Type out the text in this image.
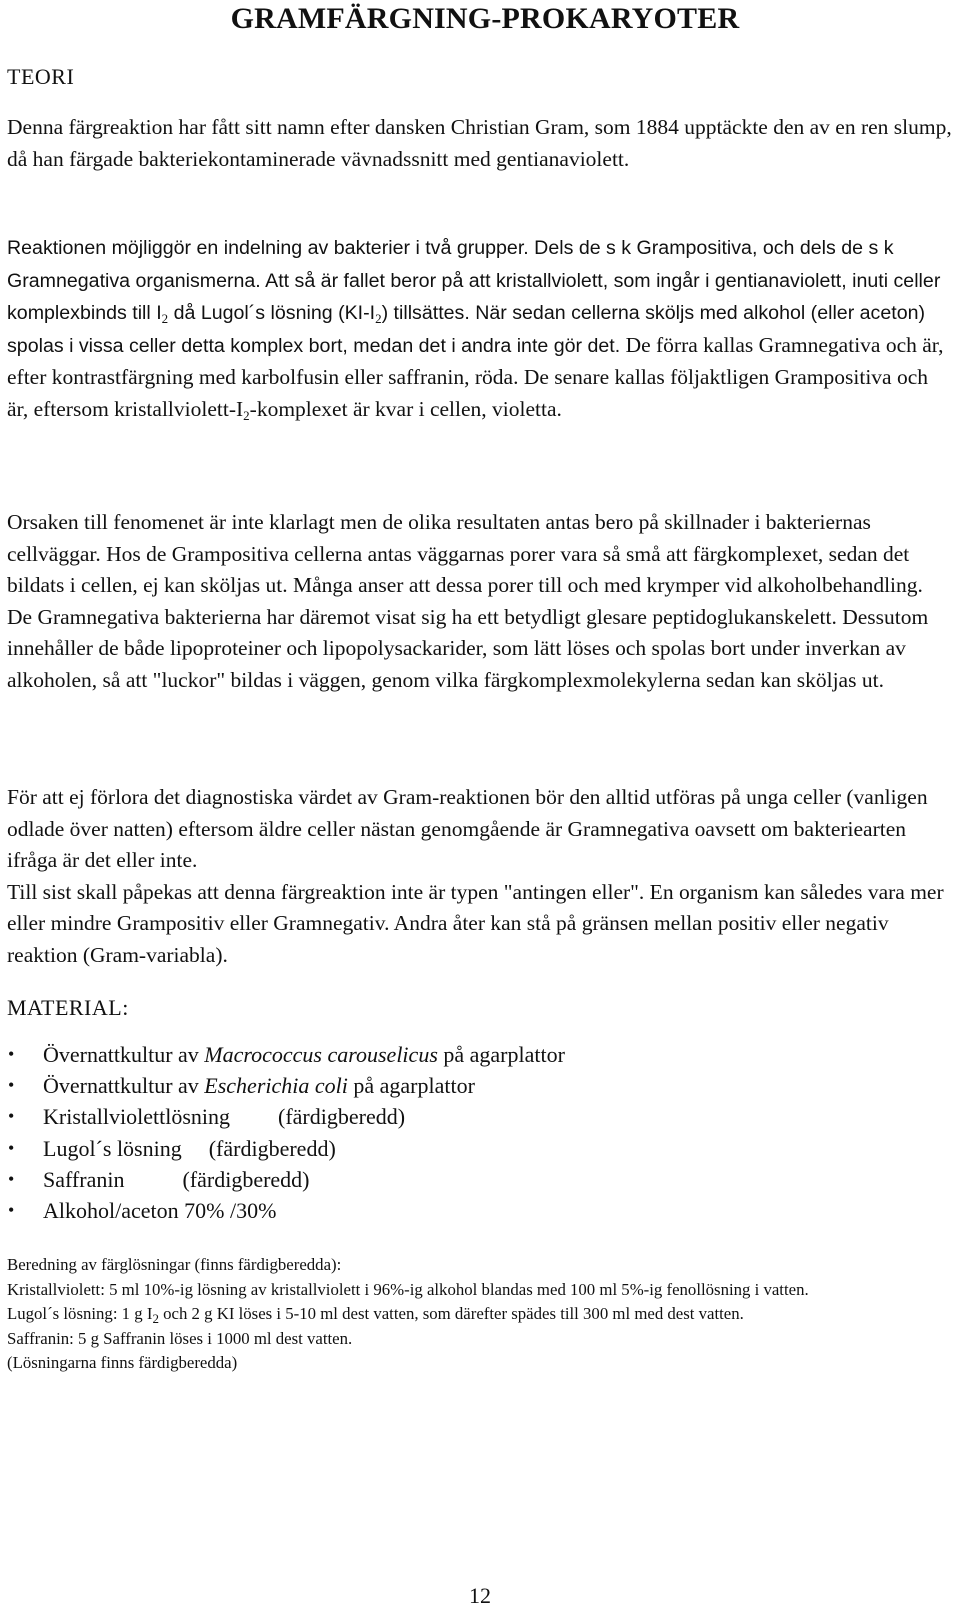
GRAMFÄRGNING-PROKARYOTER
TEORI

Denna färgreaktion har fått sitt namn efter dansken Christian Gram, som 1884 upptäckte den av en ren slump, då han färgade bakteriekontaminerade vävnadssnitt med gentianaviolett.

Reaktionen möjliggör en indelning av bakterier i två grupper. Dels de s k Grampositiva, och dels de s k Gramnegativa organismerna. Att så är fallet beror på att kristallviolett, som ingår i gentianaviolett, inuti celler komplexbinds till $I_2$ då Lugol´s lösning $(KI-I_2)$ tillsättes. När sedan cellerna sköljs med alkohol (eller aceton) spolas i vissa celler detta komplex bort, medan det i andra inte gör det. De förra kallas Gramnegativa och är, efter kontrastfärgning med karbolfusin eller saffranin, röda. De senare kallas följaktligen Grampositiva och är, eftersom kristallviolett-$I_2$-komplexet är kvar i cellen, violetta.

Orsaken till fenomenet är inte klarlagt men de olika resultaten antas bero på skillnader i bakteriernas cellväggar. Hos de Grampositiva cellerna antas väggarnas porer vara så små att färgkomplexet, sedan det bildats i cellen, ej kan sköljas ut. Många anser att dessa porer till och med krymper vid alkoholbehandling. De Gramnegativa bakterierna har däremot visat sig ha ett betydligt glesare peptidoglukanskelett. Dessutom innehåller de både lipoproteiner och lipopolysackarider, som lätt löses och spolas bort under inverkan av alkoholen, så att "luckor" bildas i väggen, genom vilka färgkomplexmolekylerna sedan kan sköljas ut.

För att ej förlora det diagnostiska värdet av Gram-reaktionen bör den alltid utföras på unga celler (vanligen odlade över natten) eftersom äldre celler nästan genomgående är Gramnegativa oavsett om bakteriearten ifråga är det eller inte.

Till sist skall påpekas att denna färgreaktion inte är typen "antingen eller". En organism kan således vara mer eller mindre Grampositiv eller Gramnegativ. Andra åter kan stå på gränsen mellan positiv eller negativ reaktion (Gram-variabla).

MATERIAL:
• Övernattkultur av Macrococcus carouselicus på agarplattor
• Övernattkultur av Escherichia coli på agarplattor
• Kristallviolettlösning (färdigberedd)
• Lugol´s lösning (färdigberedd)
• Saffranin	(färdigberedd)
• Alkohol/aceton 70% /30%

Beredning av färglösningar (finns färdigberedda):

Kristallviolett: 5 ml 10%-ig lösning av kristallviolett i 96%-ig alkohol blandas med 100 ml 5%-ig fenollösning i vatten.

Lugol´s lösning: 1 g $I_2$ och 2 g KI löses i 5-10 ml dest vatten, som därefter spädes till 300 ml med dest vatten.

Saffranin: 5 g Saffranin löses i 1000 ml dest vatten.

(Lösningarna finns färdigberedda)

12
